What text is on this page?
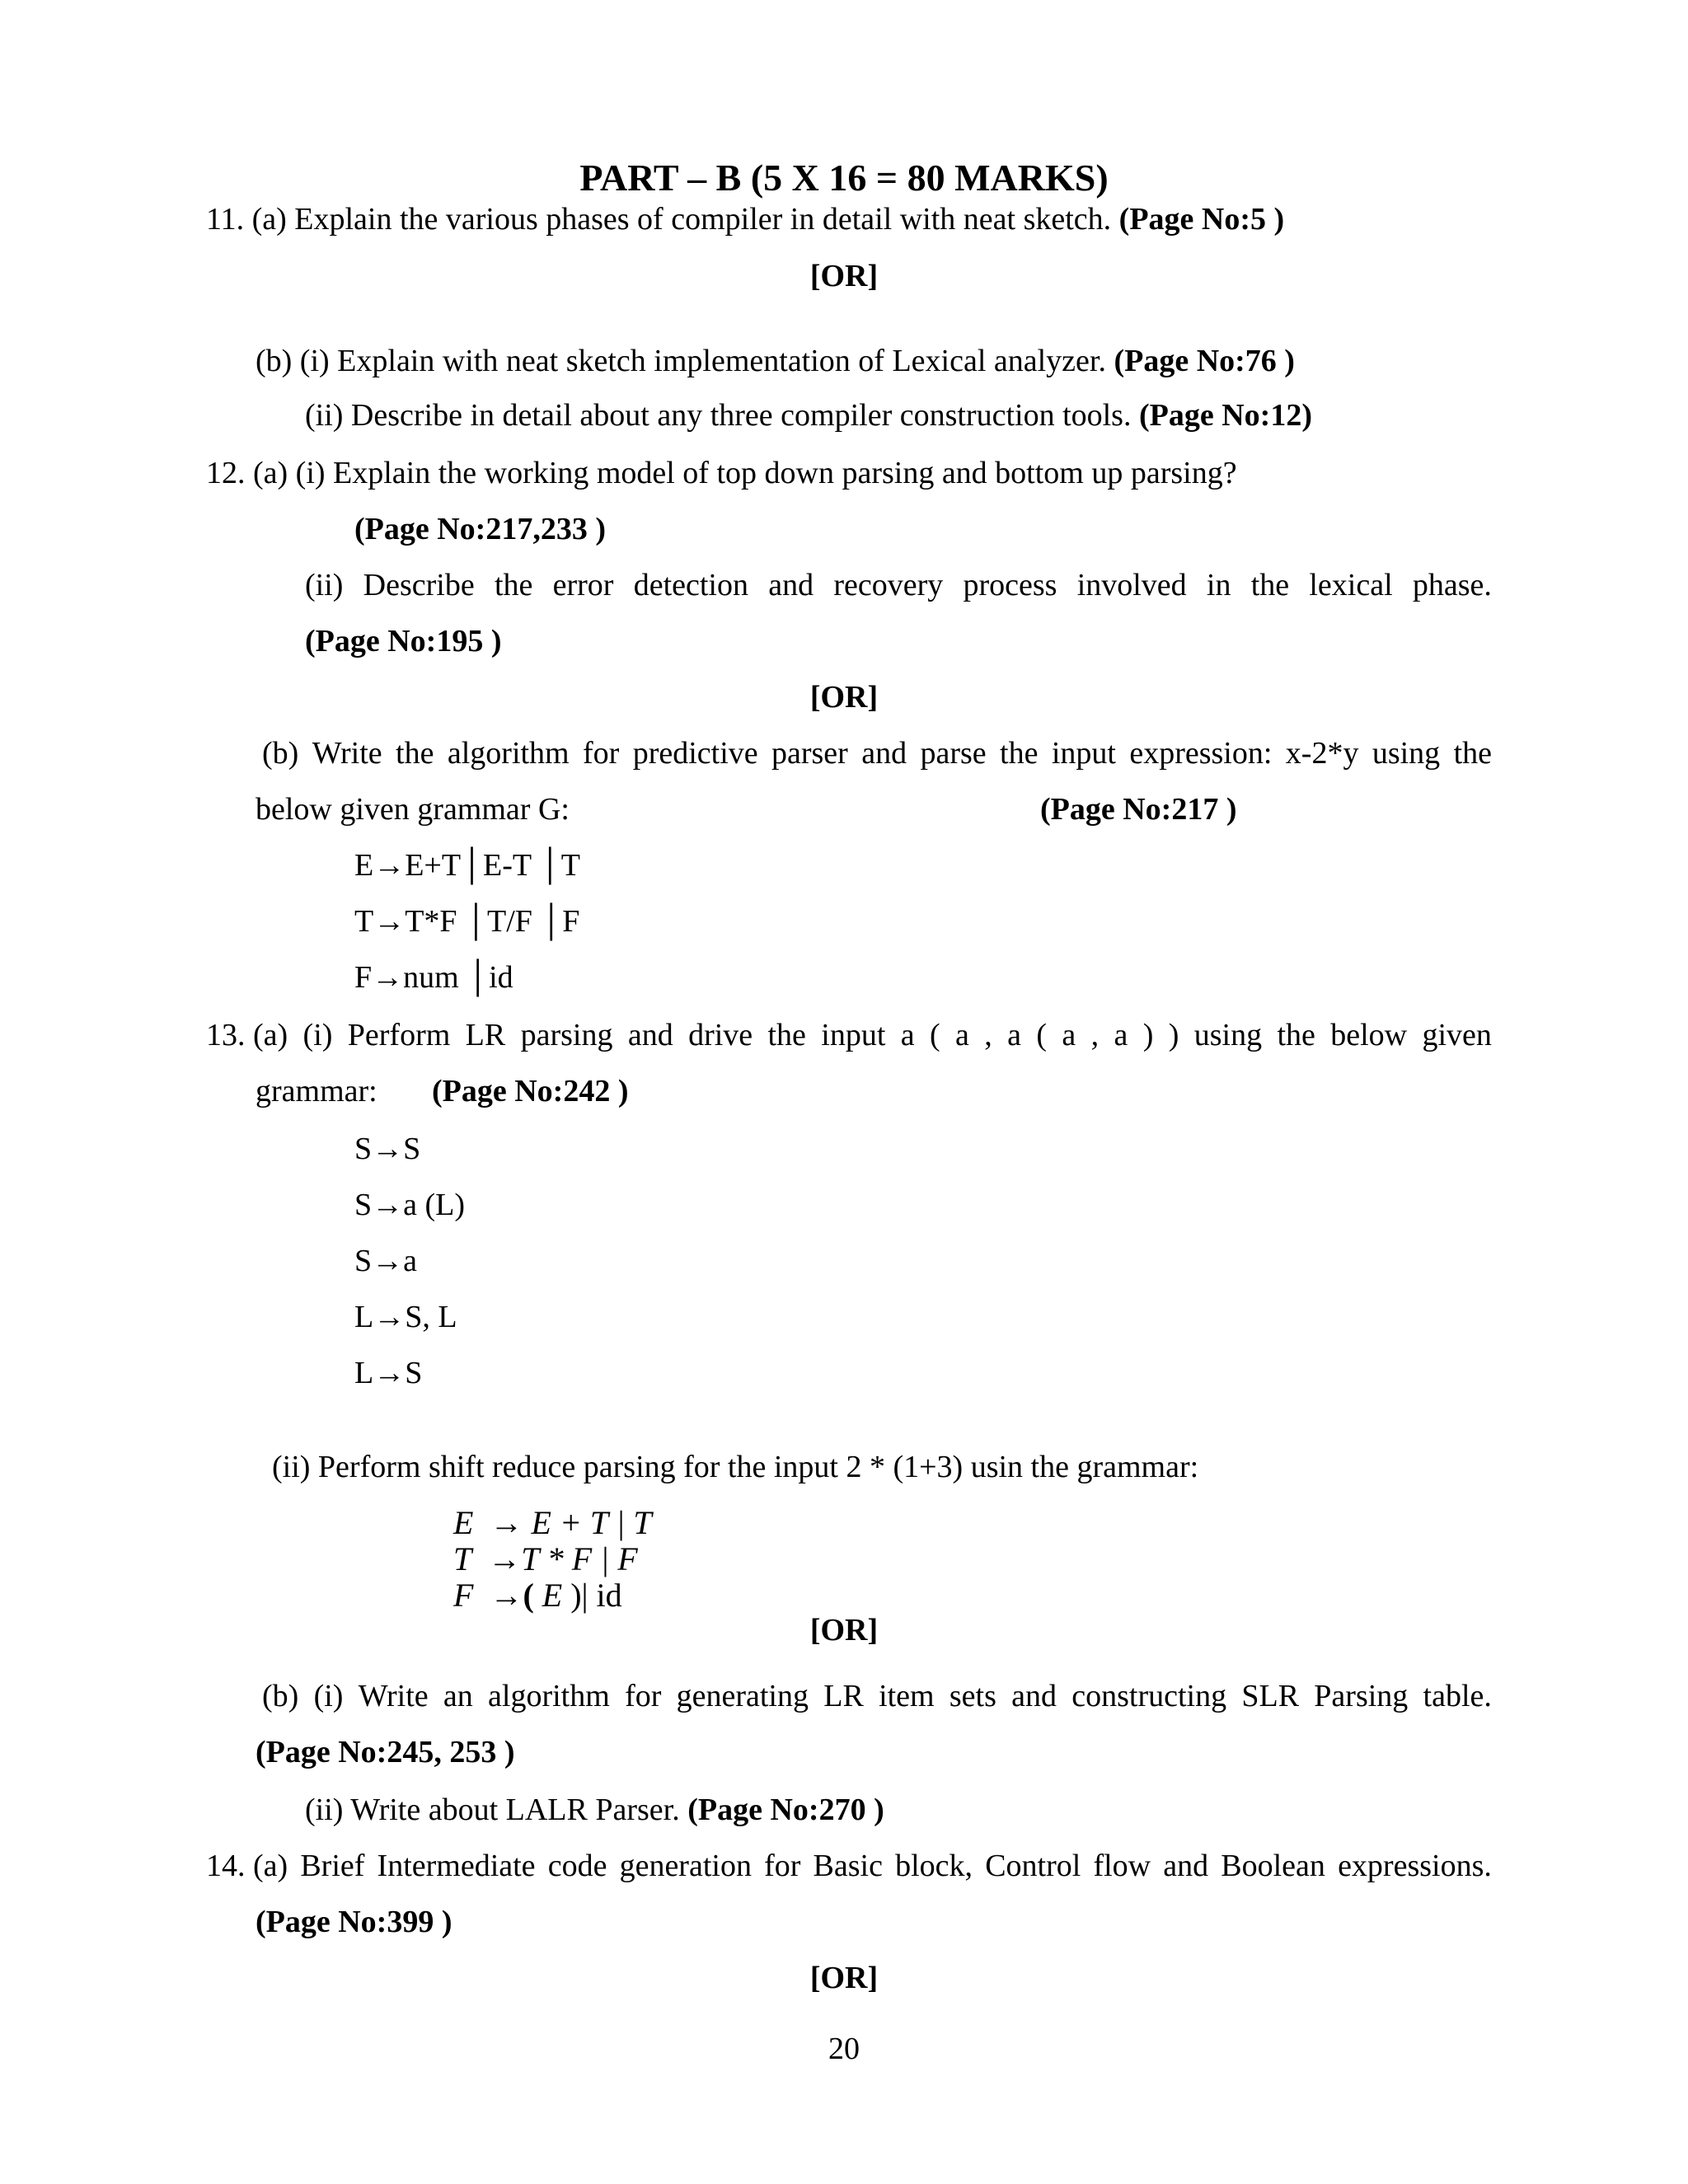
PART – B (5 X 16 = 80 MARKS)
11. (a) Explain the various phases of compiler in detail with neat sketch. (Page No:5 )
[OR]
(b) (i) Explain with neat sketch implementation of Lexical analyzer. (Page No:76 )
(ii) Describe in detail about any three compiler construction tools. (Page No:12)
12. (a) (i) Explain the working model of top down parsing and bottom up parsing?
(Page No:217,233 )
(ii) Describe the error detection and recovery process involved in the lexical phase.
(Page No:195 )
[OR]
(b) Write the algorithm for predictive parser and parse the input expression: x-2*y using the
below given grammar G:	(Page No:217 )
E→E+T│E-T │T
T→T*F │T/F │F
F→num │id
13. (a) (i) Perform LR parsing and drive the input a ( a , a ( a , a ) ) using the below given
grammar: (Page No:242 )
S→S
S→a (L)
S→a
L→S, L
L→S
(ii) Perform shift reduce parsing for the input 2 * (1+3) usin the grammar:
E → E + T | T
T →T * F | F
F →( E )| id
[OR]
(b) (i) Write an algorithm for generating LR item sets and constructing SLR Parsing table.
(Page No:245, 253 )
(ii) Write about LALR Parser. (Page No:270 )
14. (a) Brief Intermediate code generation for Basic block, Control flow and Boolean expressions.
(Page No:399 )
[OR]
20
